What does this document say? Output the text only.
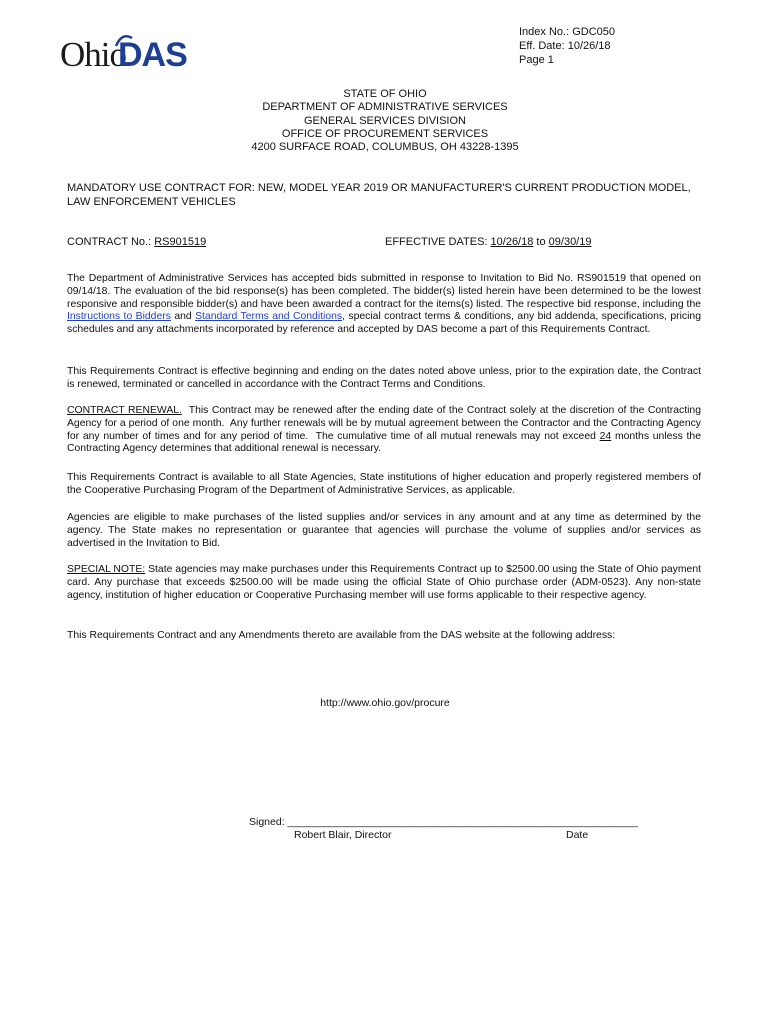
Ohio
DAS
Index No.: GDC050
Eff. Date: 10/26/18
Page 1
STATE OF OHIO
DEPARTMENT OF ADMINISTRATIVE SERVICES
GENERAL SERVICES DIVISION
OFFICE OF PROCUREMENT SERVICES
4200 SURFACE ROAD, COLUMBUS, OH 43228-1395
MANDATORY USE CONTRACT FOR: NEW, MODEL YEAR 2019 OR MANUFACTURER'S CURRENT PRODUCTION MODEL, LAW ENFORCEMENT VEHICLES
CONTRACT No.: RS901519	EFFECTIVE DATES: 10/26/18 to 09/30/19
The Department of Administrative Services has accepted bids submitted in response to Invitation to Bid No. RS901519 that opened on 09/14/18. The evaluation of the bid response(s) has been completed. The bidder(s) listed herein have been determined to be the lowest responsive and responsible bidder(s) and have been awarded a contract for the items(s) listed. The respective bid response, including the Instructions to Bidders and Standard Terms and Conditions, special contract terms & conditions, any bid addenda, specifications, pricing schedules and any attachments incorporated by reference and accepted by DAS become a part of this Requirements Contract.
This Requirements Contract is effective beginning and ending on the dates noted above unless, prior to the expiration date, the Contract is renewed, terminated or cancelled in accordance with the Contract Terms and Conditions.
CONTRACT RENEWAL.  This Contract may be renewed after the ending date of the Contract solely at the discretion of the Contracting Agency for a period of one month.  Any further renewals will be by mutual agreement between the Contractor and the Contracting Agency for any number of times and for any period of time.  The cumulative time of all mutual renewals may not exceed 24 months unless the Contracting Agency determines that additional renewal is necessary.
This Requirements Contract is available to all State Agencies, State institutions of higher education and properly registered members of the Cooperative Purchasing Program of the Department of Administrative Services, as applicable.
Agencies are eligible to make purchases of the listed supplies and/or services in any amount and at any time as determined by the agency. The State makes no representation or guarantee that agencies will purchase the volume of supplies and/or services as advertised in the Invitation to Bid.
SPECIAL NOTE: State agencies may make purchases under this Requirements Contract up to $2500.00 using the State of Ohio payment card. Any purchase that exceeds $2500.00 will be made using the official State of Ohio purchase order (ADM-0523). Any non-state agency, institution of higher education or Cooperative Purchasing member will use forms applicable to their respective agency.
This Requirements Contract and any Amendments thereto are available from the DAS website at the following address:
http://www.ohio.gov/procure
Signed: ____________________________________________________________
Robert Blair, Director	Date
